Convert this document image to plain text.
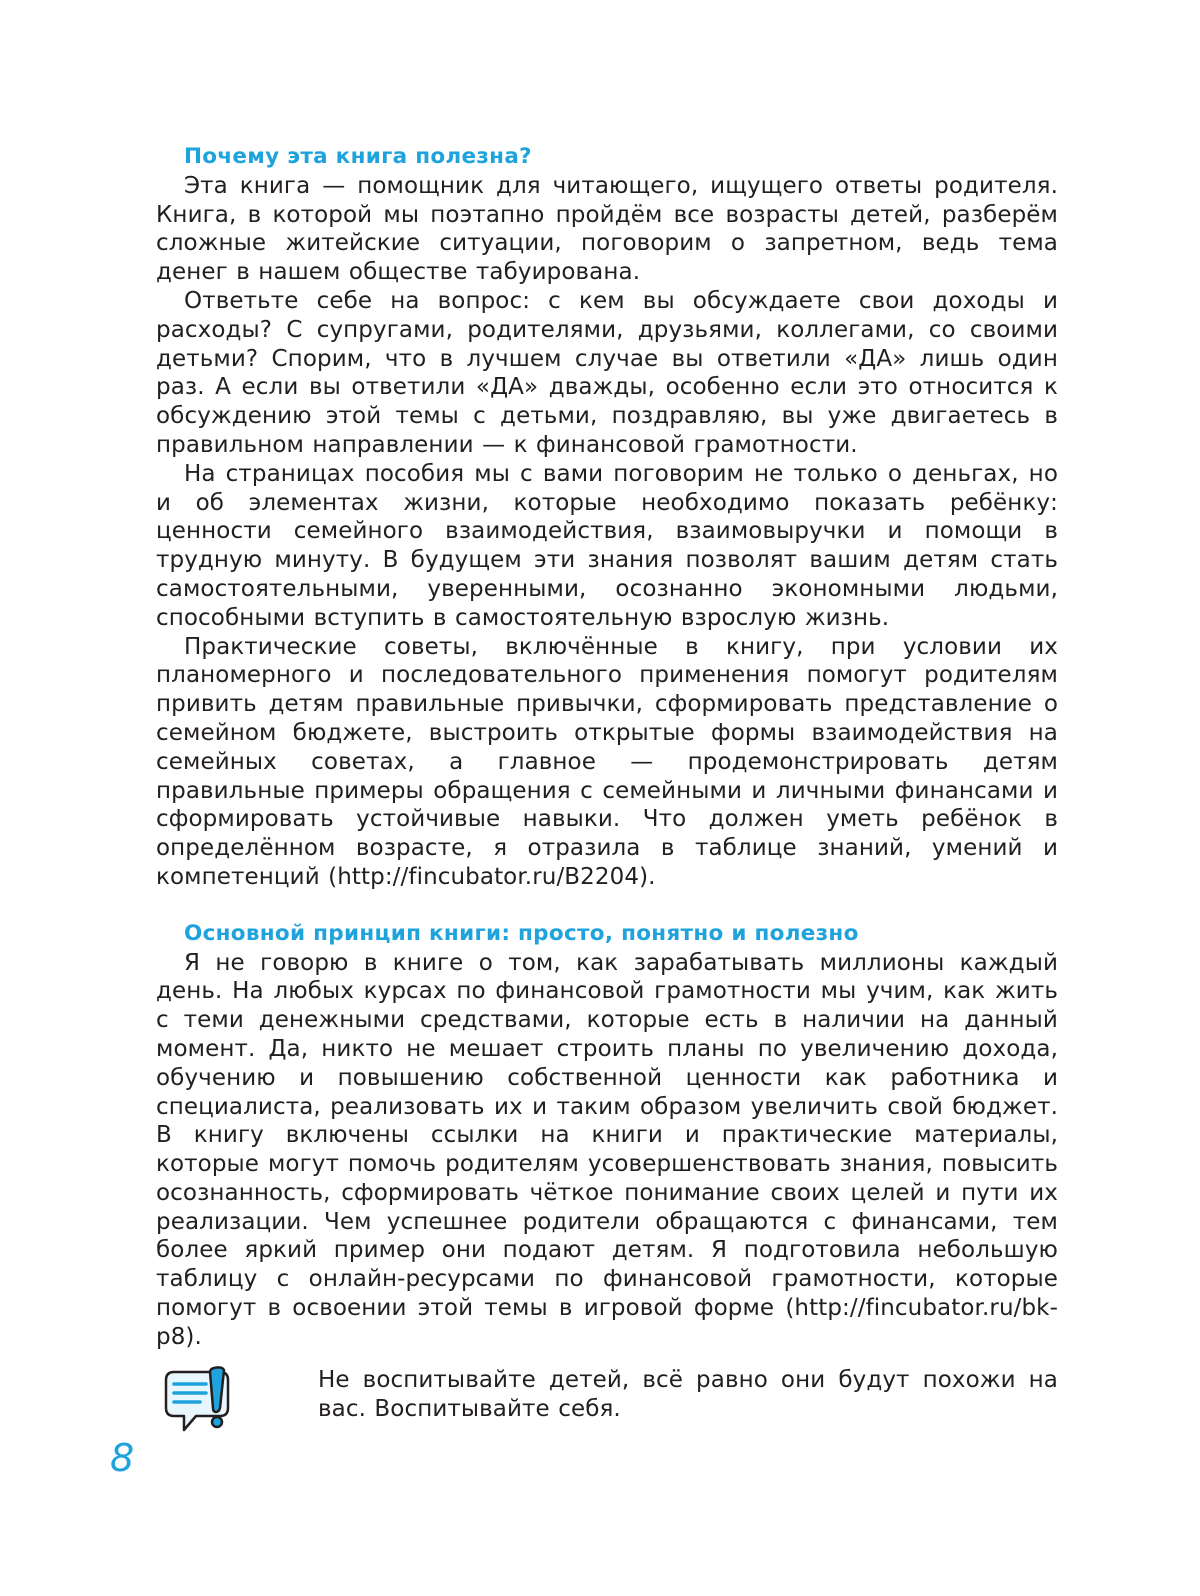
Почему эта книга полезна?

Эта книга — помощник для читающего, ищущего ответы родителя. Книга, в которой мы поэтапно пройдём все возрасты детей, разберём сложные житейские ситуации, поговорим о запретном, ведь тема денег в нашем обществе табуирована.

Ответьте себе на вопрос: с кем вы обсуждаете свои доходы и расходы? С супругами, родителями, друзьями, коллегами, со своими детьми? Спорим, что в лучшем случае вы ответили «ДА» лишь один раз. А если вы ответили «ДА» дважды, особенно если это относится к обсуждению этой темы с детьми, поздравляю, вы уже двигаетесь в правильном направлении — к финансовой грамотности.

На страницах пособия мы с вами поговорим не только о деньгах, но и об элементах жизни, которые необходимо показать ребёнку: ценности семейного взаимодействия, взаимовыручки и помощи в трудную минуту. В будущем эти знания позволят вашим детям стать самостоятельными, уверенными, осознанно экономными людьми, способными вступить в самостоятельную взрослую жизнь.

Практические советы, включённые в книгу, при условии их планомерного и последовательного применения помогут родителям привить детям правильные привычки, сформировать представление о семейном бюджете, выстроить открытые формы взаимодействия на семейных советах, а главное — продемонстрировать детям правильные примеры обращения с семейными и личными финансами и сформировать устойчивые навыки. Что должен уметь ребёнок в определённом возрасте, я отразила в таблице знаний, умений и компетенций (http://fincubator.ru/B2204).

Основной принцип книги: просто, понятно и полезно

Я не говорю в книге о том, как зарабатывать миллионы каждый день. На любых курсах по финансовой грамотности мы учим, как жить с теми денежными средствами, которые есть в наличии на данный момент. Да, никто не мешает строить планы по увеличению дохода, обучению и повышению собственной ценности как работника и специалиста, реализовать их и таким образом увеличить свой бюджет. В книгу включены ссылки на книги и практические материалы, которые могут помочь родителям усовершенствовать знания, повысить осознанность, сформировать чёткое понимание своих целей и пути их реализации. Чем успешнее родители обращаются с финансами, тем более яркий пример они подают детям. Я подготовила небольшую таблицу с онлайн-ресурсами по финансовой грамотности, которые помогут в освоении этой темы в игровой форме (http://fincubator.ru/bk-p8).

Не воспитывайте детей, всё равно они будут похожи на вас. Воспитывайте себя.

8
